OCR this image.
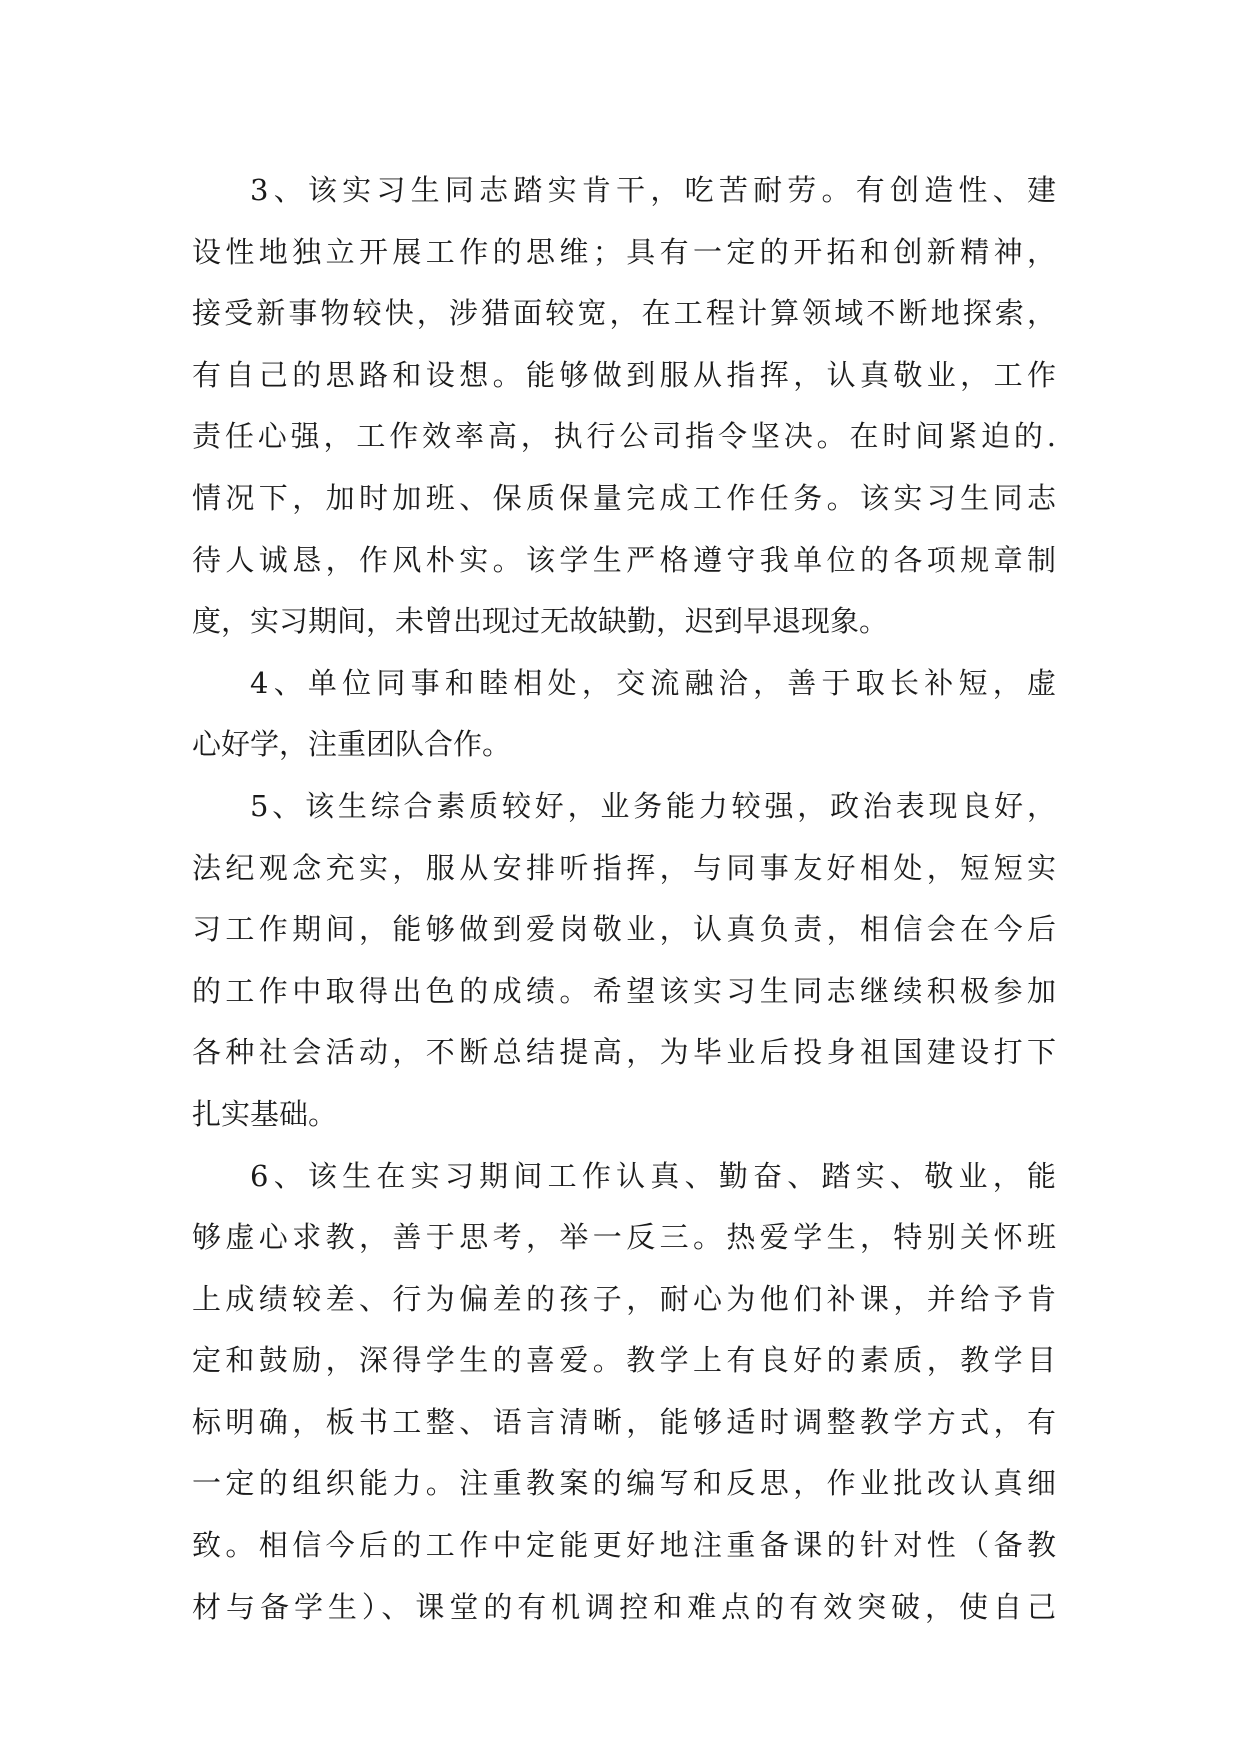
3、该实习生同志踏实肯干，吃苦耐劳。有创造性、建
设性地独立开展工作的思维；具有一定的开拓和创新精神，
接受新事物较快，涉猎面较宽，在工程计算领域不断地探索，
有自己的思路和设想。能够做到服从指挥，认真敬业，工作
责任心强，工作效率高，执行公司指令坚决。在时间紧迫的.
情况下，加时加班、保质保量完成工作任务。该实习生同志
待人诚恳，作风朴实。该学生严格遵守我单位的各项规章制
度，实习期间，未曾出现过无故缺勤，迟到早退现象。
4、单位同事和睦相处，交流融洽，善于取长补短，虚
心好学，注重团队合作。
5、该生综合素质较好，业务能力较强，政治表现良好，
法纪观念充实，服从安排听指挥，与同事友好相处，短短实
习工作期间，能够做到爱岗敬业，认真负责，相信会在今后
的工作中取得出色的成绩。希望该实习生同志继续积极参加
各种社会活动，不断总结提高，为毕业后投身祖国建设打下
扎实基础。
6、该生在实习期间工作认真、勤奋、踏实、敬业，能
够虚心求教，善于思考，举一反三。热爱学生，特别关怀班
上成绩较差、行为偏差的孩子，耐心为他们补课，并给予肯
定和鼓励，深得学生的喜爱。教学上有良好的素质，教学目
标明确，板书工整、语言清晰，能够适时调整教学方式，有
一定的组织能力。注重教案的编写和反思，作业批改认真细
致。相信今后的工作中定能更好地注重备课的针对性（备教
材与备学生）、课堂的有机调控和难点的有效突破，使自己
